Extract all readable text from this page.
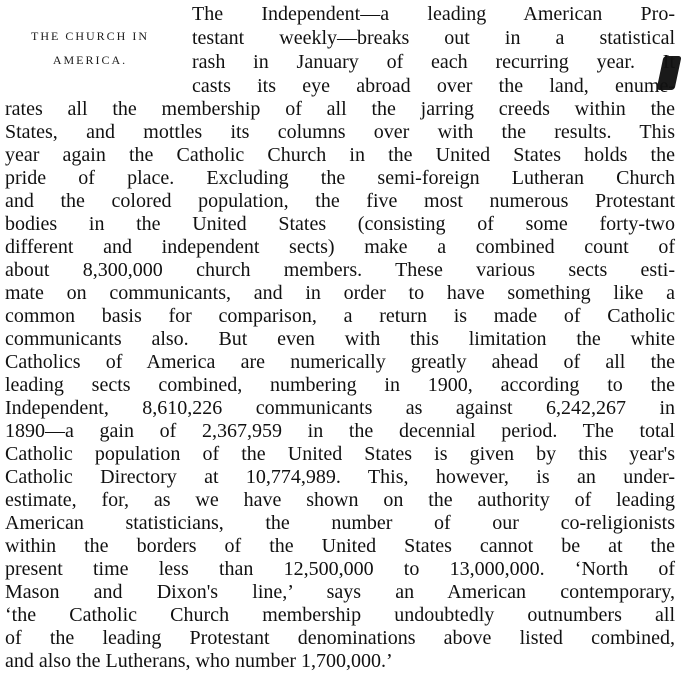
THE CHURCH IN
AMERICA.
The Independent—a leading American Pro-
testant weekly—breaks out in a statistical
rash in January of each recurring year. It
casts its eye abroad over the land, enume-
rates all the membership of all the jarring creeds within the
States, and mottles its columns over with the results. This
year again the Catholic Church in the United States holds the
pride of place. Excluding the semi-foreign Lutheran Church
and the colored population, the five most numerous Protestant
bodies in the United States (consisting of some forty-two
different and independent sects) make a combined count of
about 8,300,000 church members. These various sects esti-
mate on communicants, and in order to have something like a
common basis for comparison, a return is made of Catholic
communicants also. But even with this limitation the white
Catholics of America are numerically greatly ahead of all the
leading sects combined, numbering in 1900, according to the
Independent, 8,610,226 communicants as against 6,242,267 in
1890—a gain of 2,367,959 in the decennial period. The total
Catholic population of the United States is given by this year's
Catholic Directory at 10,774,989. This, however, is an under-
estimate, for, as we have shown on the authority of leading
American statisticians, the number of our co-religionists
within the borders of the United States cannot be at the
present time less than 12,500,000 to 13,000,000. ‘North of
Mason and Dixon's line,’ says an American contemporary,
‘the Catholic Church membership undoubtedly outnumbers all
of the leading Protestant denominations above listed combined,
and also the Lutherans, who number 1,700,000.’
